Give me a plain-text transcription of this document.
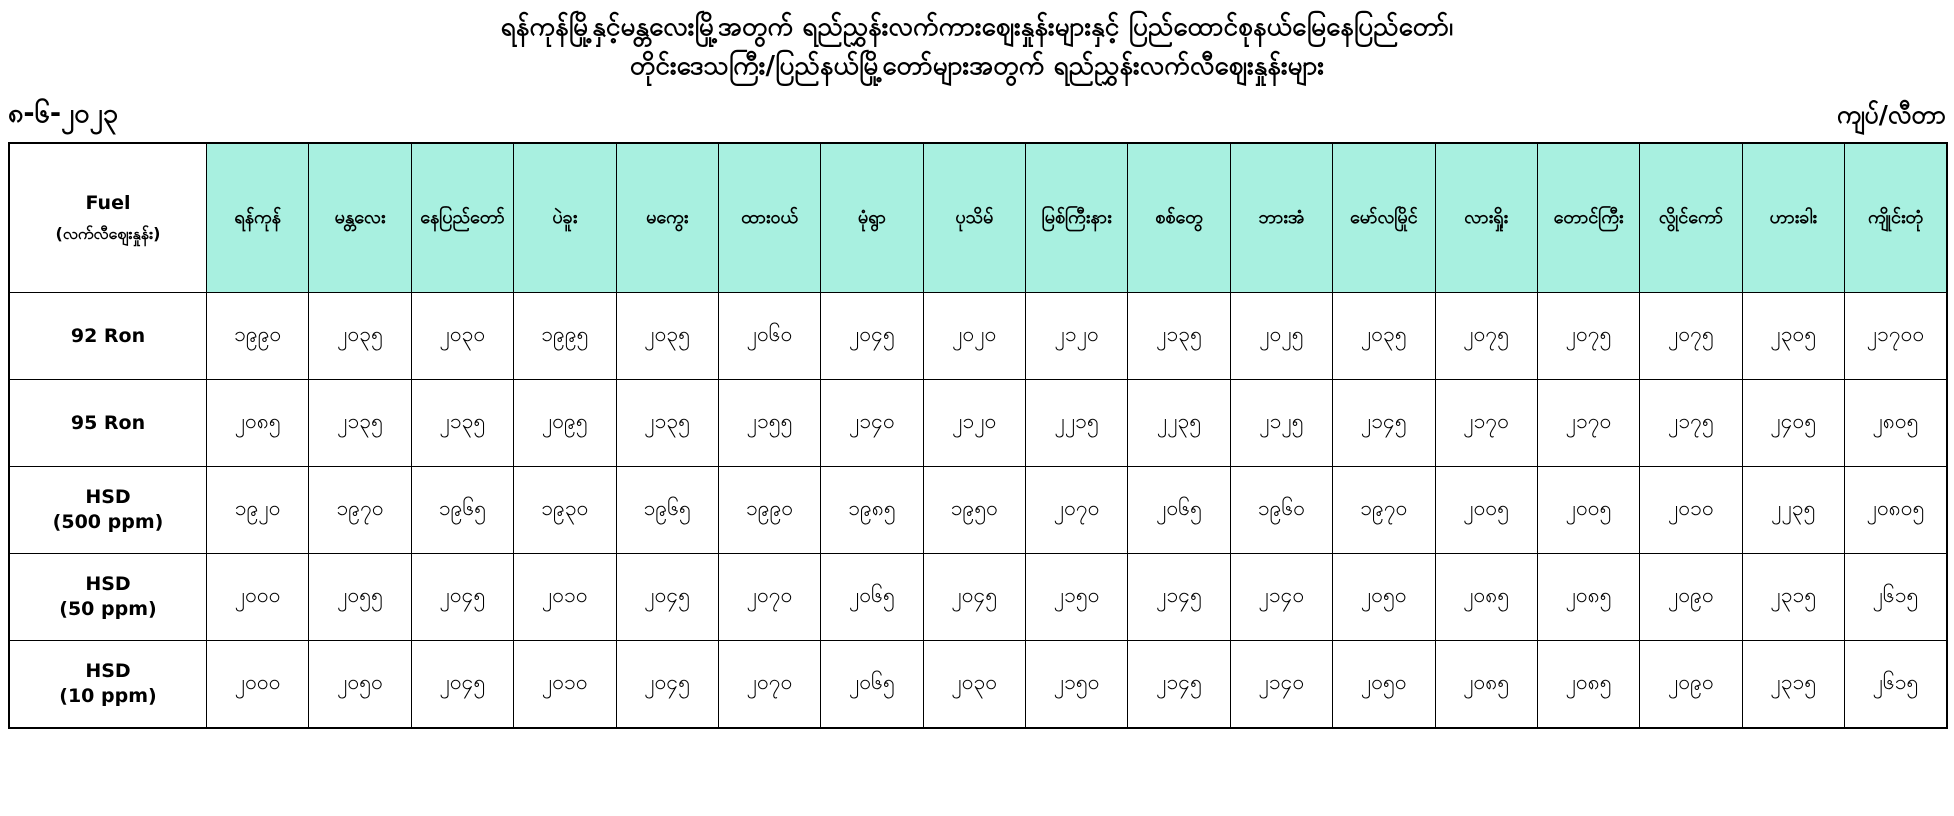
ရန်ကုန်မြို့နှင့်မန္တလေးမြို့အတွက် ရည်ညွှန်းလက်ကားဈေးနှုန်းများနှင့် ပြည်ထောင်စုနယ်မြေနေပြည်တော်၊
တိုင်းဒေသကြီး/ပြည်နယ်မြို့တော်များအတွက် ရည်ညွှန်းလက်လီဈေးနှုန်းများ
၈-၆-၂၀၂၃	ကျပ်/လီတာ
Fuel
(လက်လီဈေးနှုန်း)	ရန်ကုန်	မန္တလေး	နေပြည်တော်	ပဲခူး	မကွေး	ထားဝယ်	မုံရွာ	ပုသိမ်	မြစ်ကြီးနား	စစ်တွေ	ဘားအံ	မော်လမြိုင်	လားရှိုး	တောင်ကြီး	လွိုင်ကော်	ဟားခါး	ကျိုင်းတုံ
92 Ron	၁၉၉၀	၂၀၃၅	၂၀၃၀	၁၉၉၅	၂၀၃၅	၂၀၆၀	၂၀၄၅	၂၀၂၀	၂၁၂၀	၂၁၃၅	၂၀၂၅	၂၀၃၅	၂၀၇၅	၂၀၇၅	၂၀၇၅	၂၃၀၅	၂၁၇၀၀
95 Ron	၂၀၈၅	၂၁၃၅	၂၁၃၅	၂၀၉၅	၂၁၃၅	၂၁၅၅	၂၁၄၀	၂၁၂၀	၂၂၁၅	၂၂၃၅	၂၁၂၅	၂၁၄၅	၂၁၇၀	၂၁၇၀	၂၁၇၅	၂၄၀၅	၂၈၀၅
HSD
(500 ppm)	၁၉၂၀	၁၉၇၀	၁၉၆၅	၁၉၃၀	၁၉၆၅	၁၉၉၀	၁၉၈၅	၁၉၅၀	၂၀၇၀	၂၀၆၅	၁၉၆၀	၁၉၇၀	၂၀၀၅	၂၀၀၅	၂၀၁၀	၂၂၃၅	၂၀၈၀၅
HSD
(50 ppm)	၂၀၀၀	၂၀၅၅	၂၀၄၅	၂၀၁၀	၂၀၄၅	၂၀၇၀	၂၀၆၅	၂၀၄၅	၂၁၅၀	၂၁၄၅	၂၁၄၀	၂၀၅၀	၂၀၈၅	၂၀၈၅	၂၀၉၀	၂၃၁၅	၂၆၁၅
HSD
(10 ppm)	၂၀၀၀	၂၀၅၀	၂၀၄၅	၂၀၁၀	၂၀၄၅	၂၀၇၀	၂၀၆၅	၂၀၃၀	၂၁၅၀	၂၁၄၅	၂၁၄၀	၂၀၅၀	၂၀၈၅	၂၀၈၅	၂၀၉၀	၂၃၁၅	၂၆၁၅
